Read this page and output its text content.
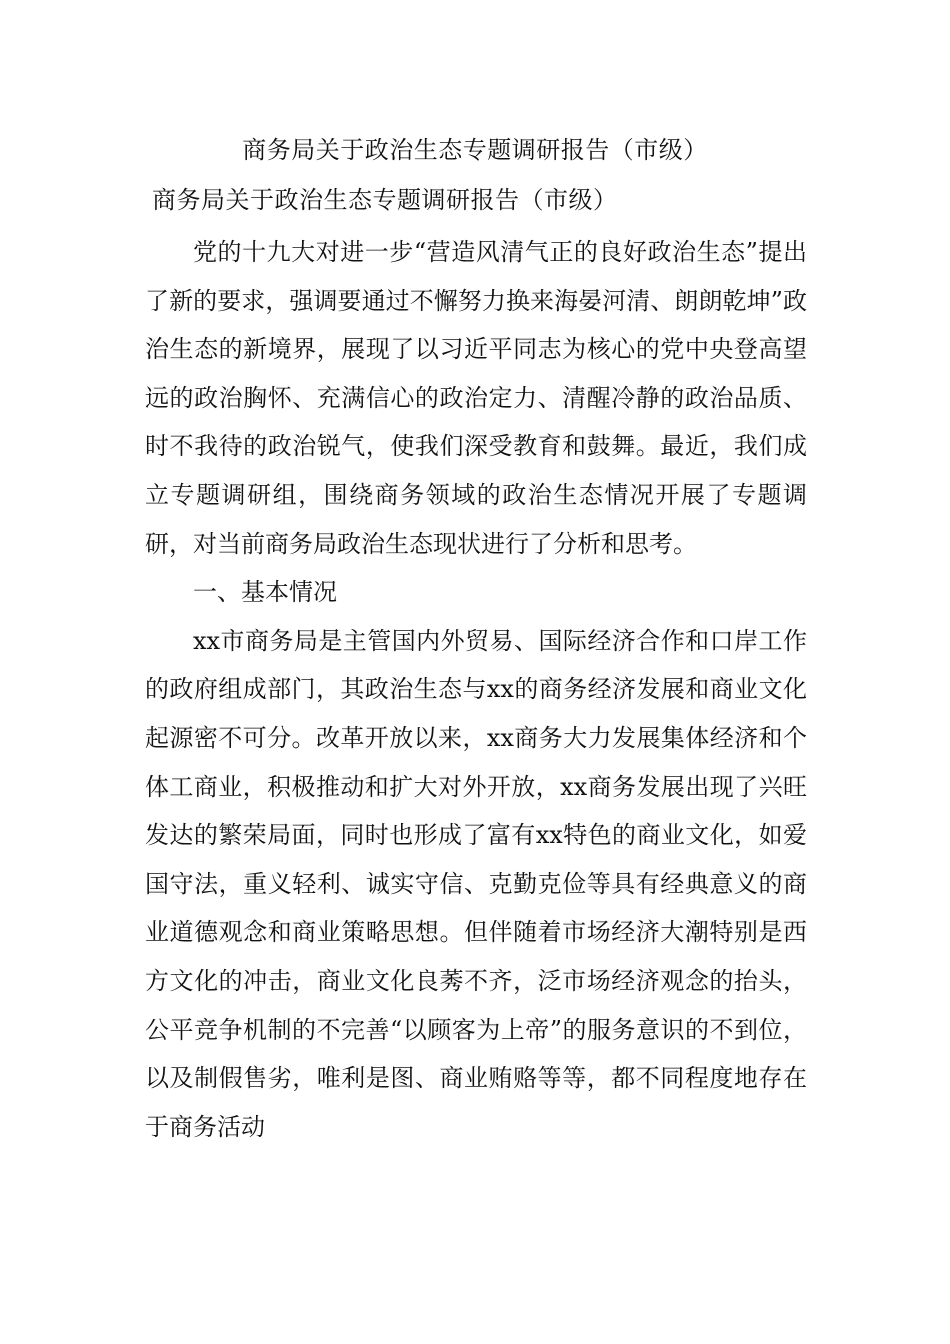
商务局关于政治生态专题调研报告（市级）
商务局关于政治生态专题调研报告（市级）

党的十九大对进一步“营造风清气正的良好政治生态”提出了新的要求，强调要通过不懈努力换来海晏河清、朗朗乾坤”政治生态的新境界，展现了以习近平同志为核心的党中央登高望远的政治胸怀、充满信心的政治定力、清醒冷静的政治品质、时不我待的政治锐气，使我们深受教育和鼓舞。最近，我们成立专题调研组，围绕商务领域的政治生态情况开展了专题调研，对当前商务局政治生态现状进行了分析和思考。

一、基本情况

xx市商务局是主管国内外贸易、国际经济合作和口岸工作的政府组成部门，其政治生态与xx的商务经济发展和商业文化起源密不可分。改革开放以来，xx商务大力发展集体经济和个体工商业，积极推动和扩大对外开放，xx商务发展出现了兴旺发达的繁荣局面，同时也形成了富有xx特色的商业文化，如爱国守法，重义轻利、诚实守信、克勤克俭等具有经典意义的商业道德观念和商业策略思想。但伴随着市场经济大潮特别是西方文化的冲击，商业文化良莠不齐，泛市场经济观念的抬头，公平竞争机制的不完善“以顾客为上帝”的服务意识的不到位，以及制假售劣，唯利是图、商业贿赂等等，都不同程度地存在于商务活动
